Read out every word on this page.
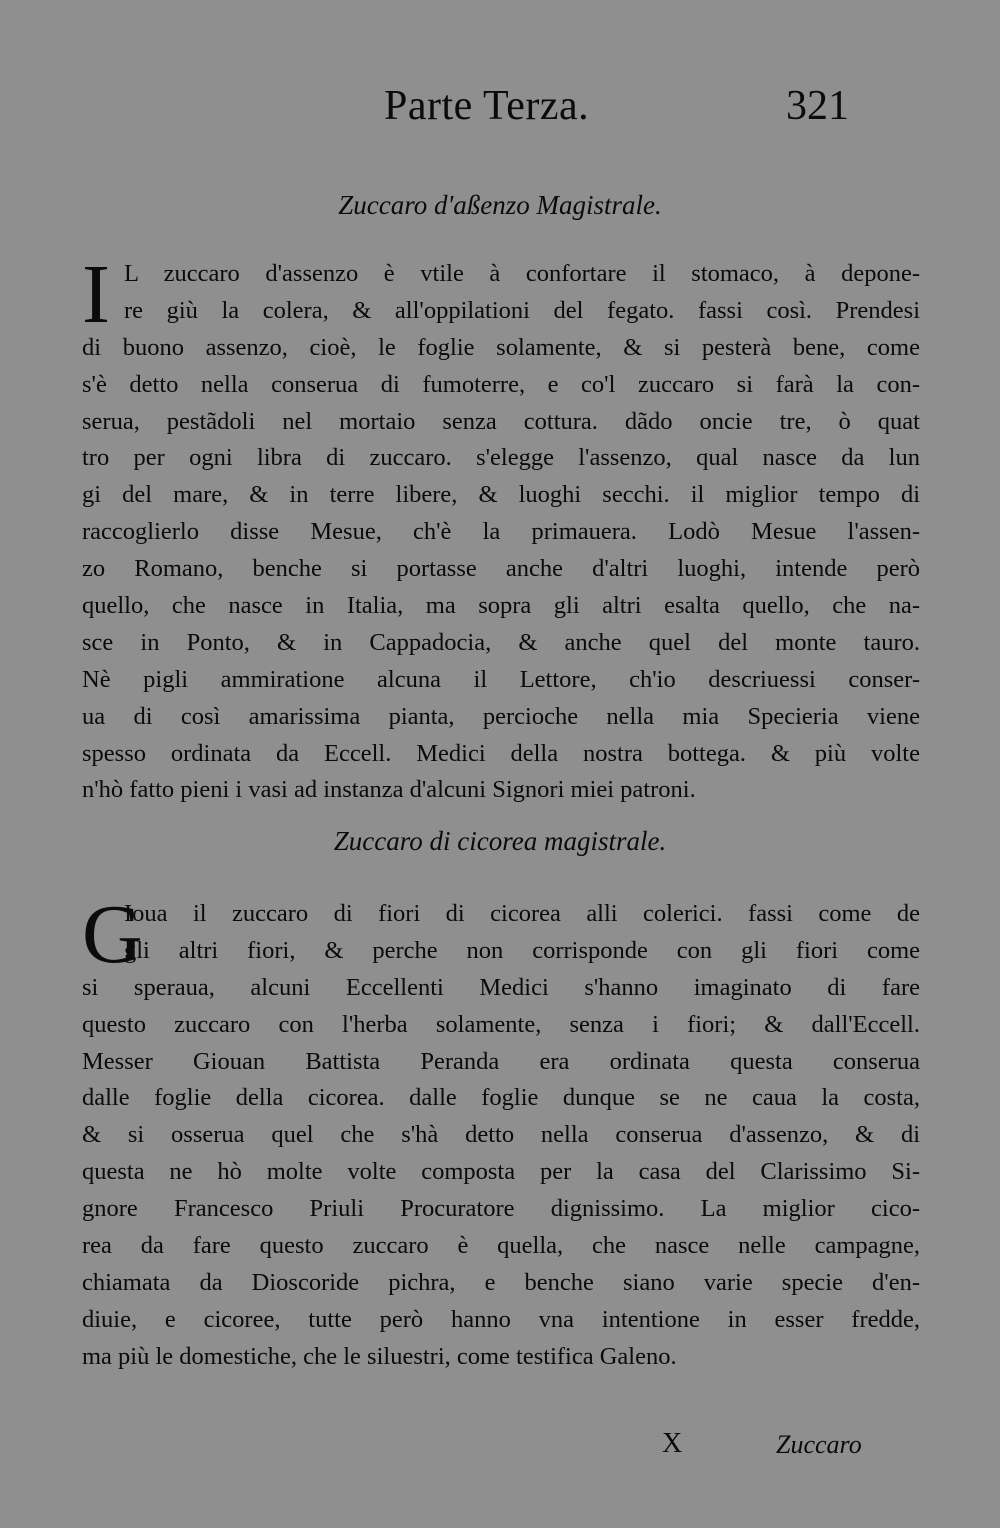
Parte Terza.	321
Zuccaro d'aßenzo Magistrale.
I L zuccaro d'assenzo è vtile à confortare il stomaco, à depone-
re giù la colera, & all'oppilationi del fegato. fassi così. Prendesi
di buono assenzo, cioè, le foglie solamente, & si pesterà bene, come
s'è detto nella conserua di fumoterre, e co'l zuccaro si farà la con-
serua, pestãdoli nel mortaio senza cottura. dãdo oncie tre, ò quat
tro per ogni libra di zuccaro. s'elegge l'assenzo, qual nasce da lun
gi del mare, & in terre libere, & luoghi secchi. il miglior tempo di
raccoglierlo disse Mesue, ch'è la primauera. Lodò Mesue l'assen-
zo Romano, benche si portasse anche d'altri luoghi, intende però
quello, che nasce in Italia, ma sopra gli altri esalta quello, che na-
sce in Ponto, & in Cappadocia, & anche quel del monte tauro.
Nè pigli ammiratione alcuna il Lettore, ch'io descriuessi conser-
ua di così amarissima pianta, percioche nella mia Specieria viene
spesso ordinata da Eccell. Medici della nostra bottega. & più volte
n'hò fatto pieni i vasi ad instanza d'alcuni Signori miei patroni.
Zuccaro di cicorea magistrale.
G
Ioua il zuccaro di fiori di cicorea alli colerici. fassi come de
gli altri fiori, & perche non corrisponde con gli fiori come
si speraua, alcuni Eccellenti Medici s'hanno imaginato di fare
questo zuccaro con l'herba solamente, senza i fiori; & dall'Eccell.
Messer Giouan Battista Peranda era ordinata questa conserua
dalle foglie della cicorea. dalle foglie dunque se ne caua la costa,
& si osserua quel che s'hà detto nella conserua d'assenzo, & di
questa ne hò molte volte composta per la casa del Clarissimo Si-
gnore Francesco Priuli Procuratore dignissimo. La miglior cico-
rea da fare questo zuccaro è quella, che nasce nelle campagne,
chiamata da Dioscoride pichra, e benche siano varie specie d'en-
diuie, e cicoree, tutte però hanno vna intentione in esser fredde,
ma più le domestiche, che le siluestri, come testifica Galeno.
X	Zuccaro
